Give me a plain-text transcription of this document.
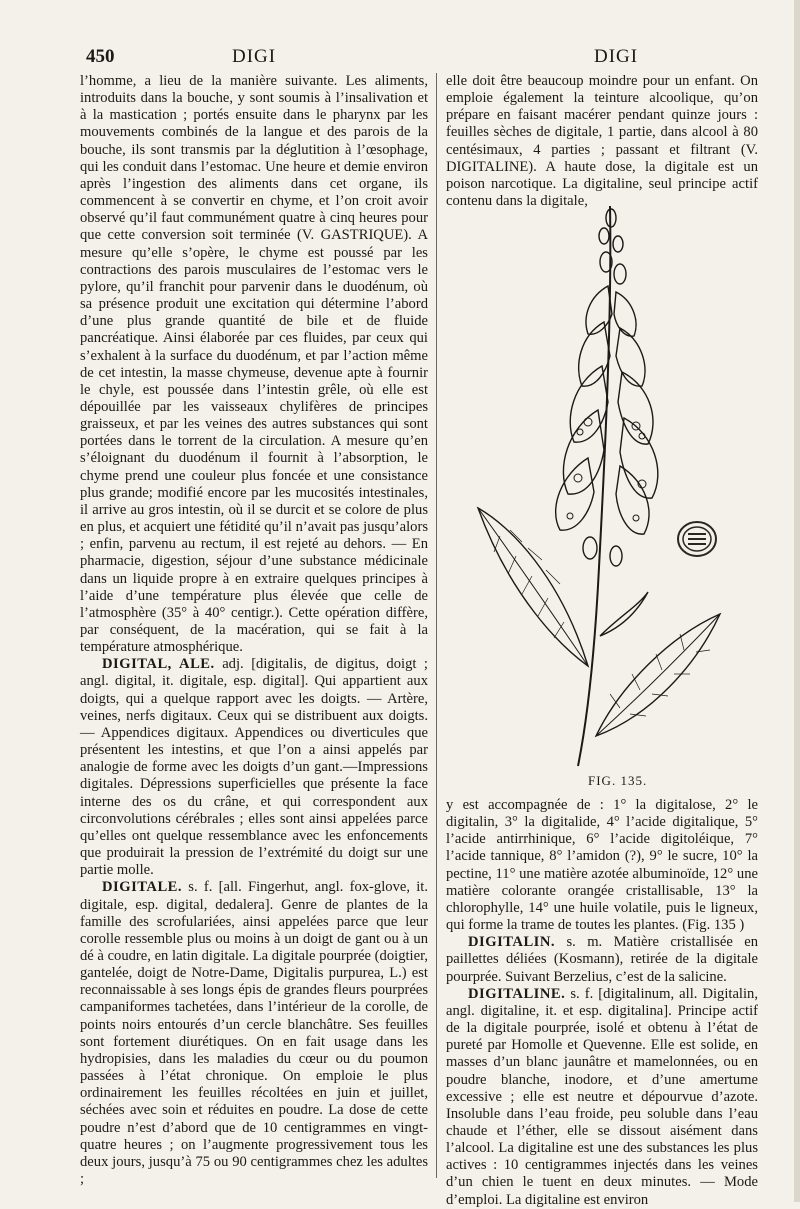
450	DIGI	DIGI

l’homme, a lieu de la manière suivante. Les aliments, introduits dans la bouche, y sont soumis à l’insalivation et à la mastication ; portés ensuite dans le pharynx par les mouvements combinés de la langue et des parois de la bouche, ils sont transmis par la déglutition à l’œsophage, qui les conduit dans l’estomac. Une heure et demie environ après l’ingestion des aliments dans cet organe, ils commencent à se convertir en chyme, et l’on croit avoir observé qu’il faut communément quatre à cinq heures pour que cette conversion soit terminée (V. GASTRIQUE). A mesure qu’elle s’opère, le chyme est poussé par les contractions des parois musculaires de l’estomac vers le pylore, qu’il franchit pour parvenir dans le duodénum, où sa présence produit une excitation qui détermine l’abord d’une plus grande quantité de bile et de fluide pancréatique. Ainsi élaborée par ces fluides, par ceux qui s’exhalent à la surface du duodénum, et par l’action même de cet intestin, la masse chymeuse, devenue apte à fournir le chyle, est poussée dans l’intestin grêle, où elle est dépouillée par les vaisseaux chylifères de principes graisseux, et par les veines des autres substances qui sont portées dans le torrent de la circulation. A mesure qu’en s’éloignant du duodénum il fournit à l’absorption, le chyme prend une couleur plus foncée et une consistance plus grande; modifié encore par les mucosités intestinales, il arrive au gros intestin, où il se durcit et se colore de plus en plus, et acquiert une fétidité qu’il n’avait pas jusqu’alors ; enfin, parvenu au rectum, il est rejeté au dehors. — En pharmacie, digestion, séjour d’une substance médicinale dans un liquide propre à en extraire quelques principes à l’aide d’une température plus élevée que celle de l’atmosphère (35° à 40° centigr.). Cette opération diffère, par conséquent, de la macération, qui se fait à la température atmosphérique.

DIGITAL, ALE. adj. [digitalis, de digitus, doigt ; angl. digital, it. digitale, esp. digital]. Qui appartient aux doigts, qui a quelque rapport avec les doigts. — Artère, veines, nerfs digitaux. Ceux qui se distribuent aux doigts.— Appendices digitaux. Appendices ou diverticules que présentent les intestins, et que l’on a ainsi appelés par analogie de forme avec les doigts d’un gant.—Impressions digitales. Dépressions superficielles que présente la face interne des os du crâne, et qui correspondent aux circonvolutions cérébrales ; elles sont ainsi appelées parce qu’elles ont quelque ressemblance avec les enfoncements que produirait la pression de l’extrémité du doigt sur une partie molle.

DIGITALE. s. f. [all. Fingerhut, angl. fox-glove, it. digitale, esp. digital, dedalera]. Genre de plantes de la famille des scrofulariées, ainsi appelées parce que leur corolle ressemble plus ou moins à un doigt de gant ou à un dé à coudre, en latin digitale. La digitale pourprée (doigtier, gantelée, doigt de Notre-Dame, Digitalis purpurea, L.) est reconnaissable à ses longs épis de grandes fleurs pourprées campaniformes tachetées, dans l’intérieur de la corolle, de points noirs entourés d’un cercle blanchâtre. Ses feuilles sont fortement diurétiques. On en fait usage dans les hydropisies, dans les maladies du cœur ou du poumon passées à l’état chronique. On emploie le plus ordinairement les feuilles récoltées en juin et juillet, séchées avec soin et réduites en poudre. La dose de cette poudre n’est d’abord que de 10 centigrammes en vingt-quatre heures ; on l’augmente progressivement tous les deux jours, jusqu’à 75 ou 90 centigrammes chez les adultes ;

elle doit être beaucoup moindre pour un enfant. On emploie également la teinture alcoolique, qu’on prépare en faisant macérer pendant quinze jours : feuilles sèches de digitale, 1 partie, dans alcool à 80 centésimaux, 4 parties ; passant et filtrant (V. DIGITALINE). A haute dose, la digitale est un poison narcotique. La digitaline, seul principe actif contenu dans la digitale,

FIG. 135.

y est accompagnée de : 1° la digitalose, 2° le digitalin, 3° la digitalide, 4° l’acide digitalique, 5° l’acide antirrhinique, 6° l’acide digitoléique, 7° l’acide tannique, 8° l’amidon (?), 9° le sucre, 10° la pectine, 11° une matière azotée albuminoïde, 12° une matière colorante orangée cristallisable, 13° la chlorophylle, 14° une huile volatile, puis le ligneux, qui forme la trame de toutes les plantes. (Fig. 135 )

DIGITALIN. s. m. Matière cristallisée en paillettes déliées (Kosmann), retirée de la digitale pourprée. Suivant Berzelius, c’est de la salicine.

DIGITALINE. s. f. [digitalinum, all. Digitalin, angl. digitaline, it. et esp. digitalina]. Principe actif de la digitale pourprée, isolé et obtenu à l’état de pureté par Homolle et Quevenne. Elle est solide, en masses d’un blanc jaunâtre et mamelonnées, ou en poudre blanche, inodore, et d’une amertume excessive ; elle est neutre et dépourvue d’azote. Insoluble dans l’eau froide, peu soluble dans l’eau chaude et l’éther, elle se dissout aisément dans l’alcool. La digitaline est une des substances les plus actives : 10 centigrammes injectés dans les veines d’un chien le tuent en deux minutes. — Mode d’emploi. La digitaline est environ
